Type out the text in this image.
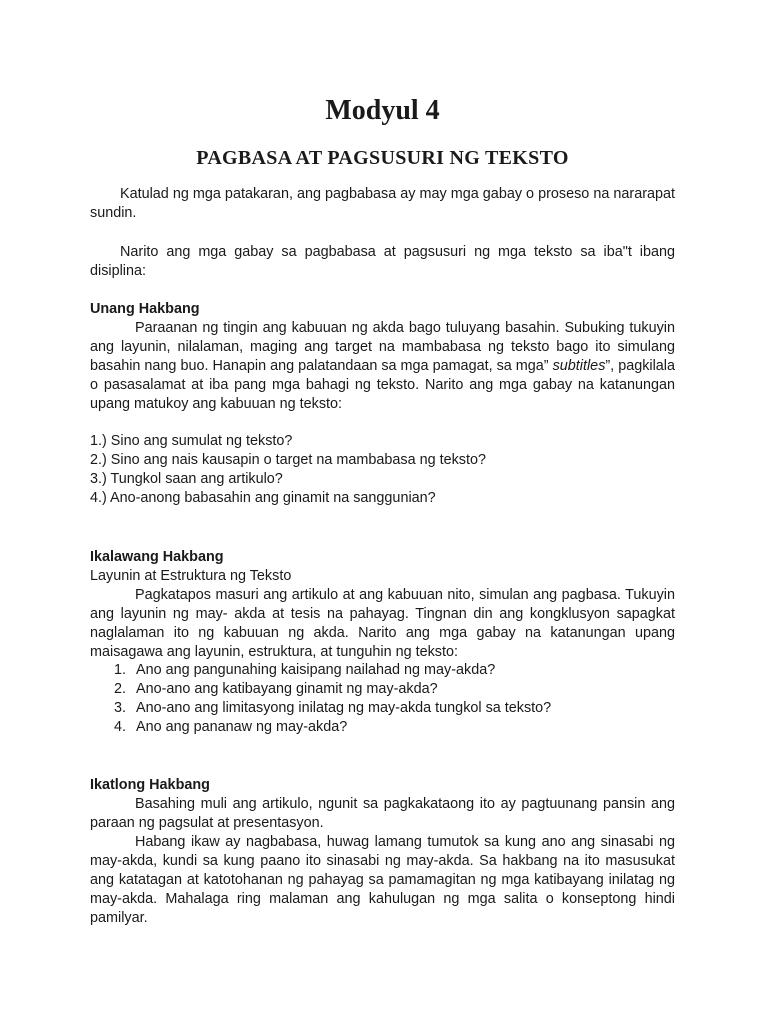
Modyul 4
PAGBASA AT PAGSUSURI NG TEKSTO

Katulad ng mga patakaran, ang pagbabasa ay may mga gabay o proseso na nararapat sundin.

Narito ang mga gabay sa pagbabasa at pagsusuri ng mga teksto sa iba"t ibang disiplina:

Unang Hakbang

Paraanan ng tingin ang kabuuan ng akda bago tuluyang basahin. Subuking tukuyin ang layunin, nilalaman, maging ang target na mambabasa ng teksto bago ito simulang basahin nang buo. Hanapin ang palatandaan sa mga pamagat, sa mga” subtitles”, pagkilala o pasasalamat at iba pang mga bahagi ng teksto. Narito ang mga gabay na katanungan upang matukoy ang kabuuan ng teksto:

1.) Sino ang sumulat ng teksto?
2.) Sino ang nais kausapin o target na mambabasa ng teksto?
3.) Tungkol saan ang artikulo?
4.) Ano-anong babasahin ang ginamit na sanggunian?
Ikalawang Hakbang
Layunin at Estruktura ng Teksto

Pagkatapos masuri ang artikulo at ang kabuuan nito, simulan ang pagbasa. Tukuyin ang layunin ng may- akda at tesis na pahayag. Tingnan din ang kongklusyon sapagkat naglalaman ito ng kabuuan ng akda. Narito ang mga gabay na katanungan upang maisagawa ang layunin, estruktura, at tunguhin ng teksto:

1. Ano ang pangunahing kaisipang nailahad ng may-akda?
2. Ano-ano ang katibayang ginamit ng may-akda?
3. Ano-ano ang limitasyong inilatag ng may-akda tungkol sa teksto?
4. Ano ang pananaw ng may-akda?
Ikatlong Hakbang

Basahing muli ang artikulo, ngunit sa pagkakataong ito ay pagtuunang pansin ang paraan ng pagsulat at presentasyon.

Habang ikaw ay nagbabasa, huwag lamang tumutok sa kung ano ang sinasabi ng may-akda, kundi sa kung paano ito sinasabi ng may-akda. Sa hakbang na ito masusukat ang katatagan at katotohanan ng pahayag sa pamamagitan ng mga katibayang inilatag ng may-akda. Mahalaga ring malaman ang kahulugan ng mga salita o konseptong hindi pamilyar.
